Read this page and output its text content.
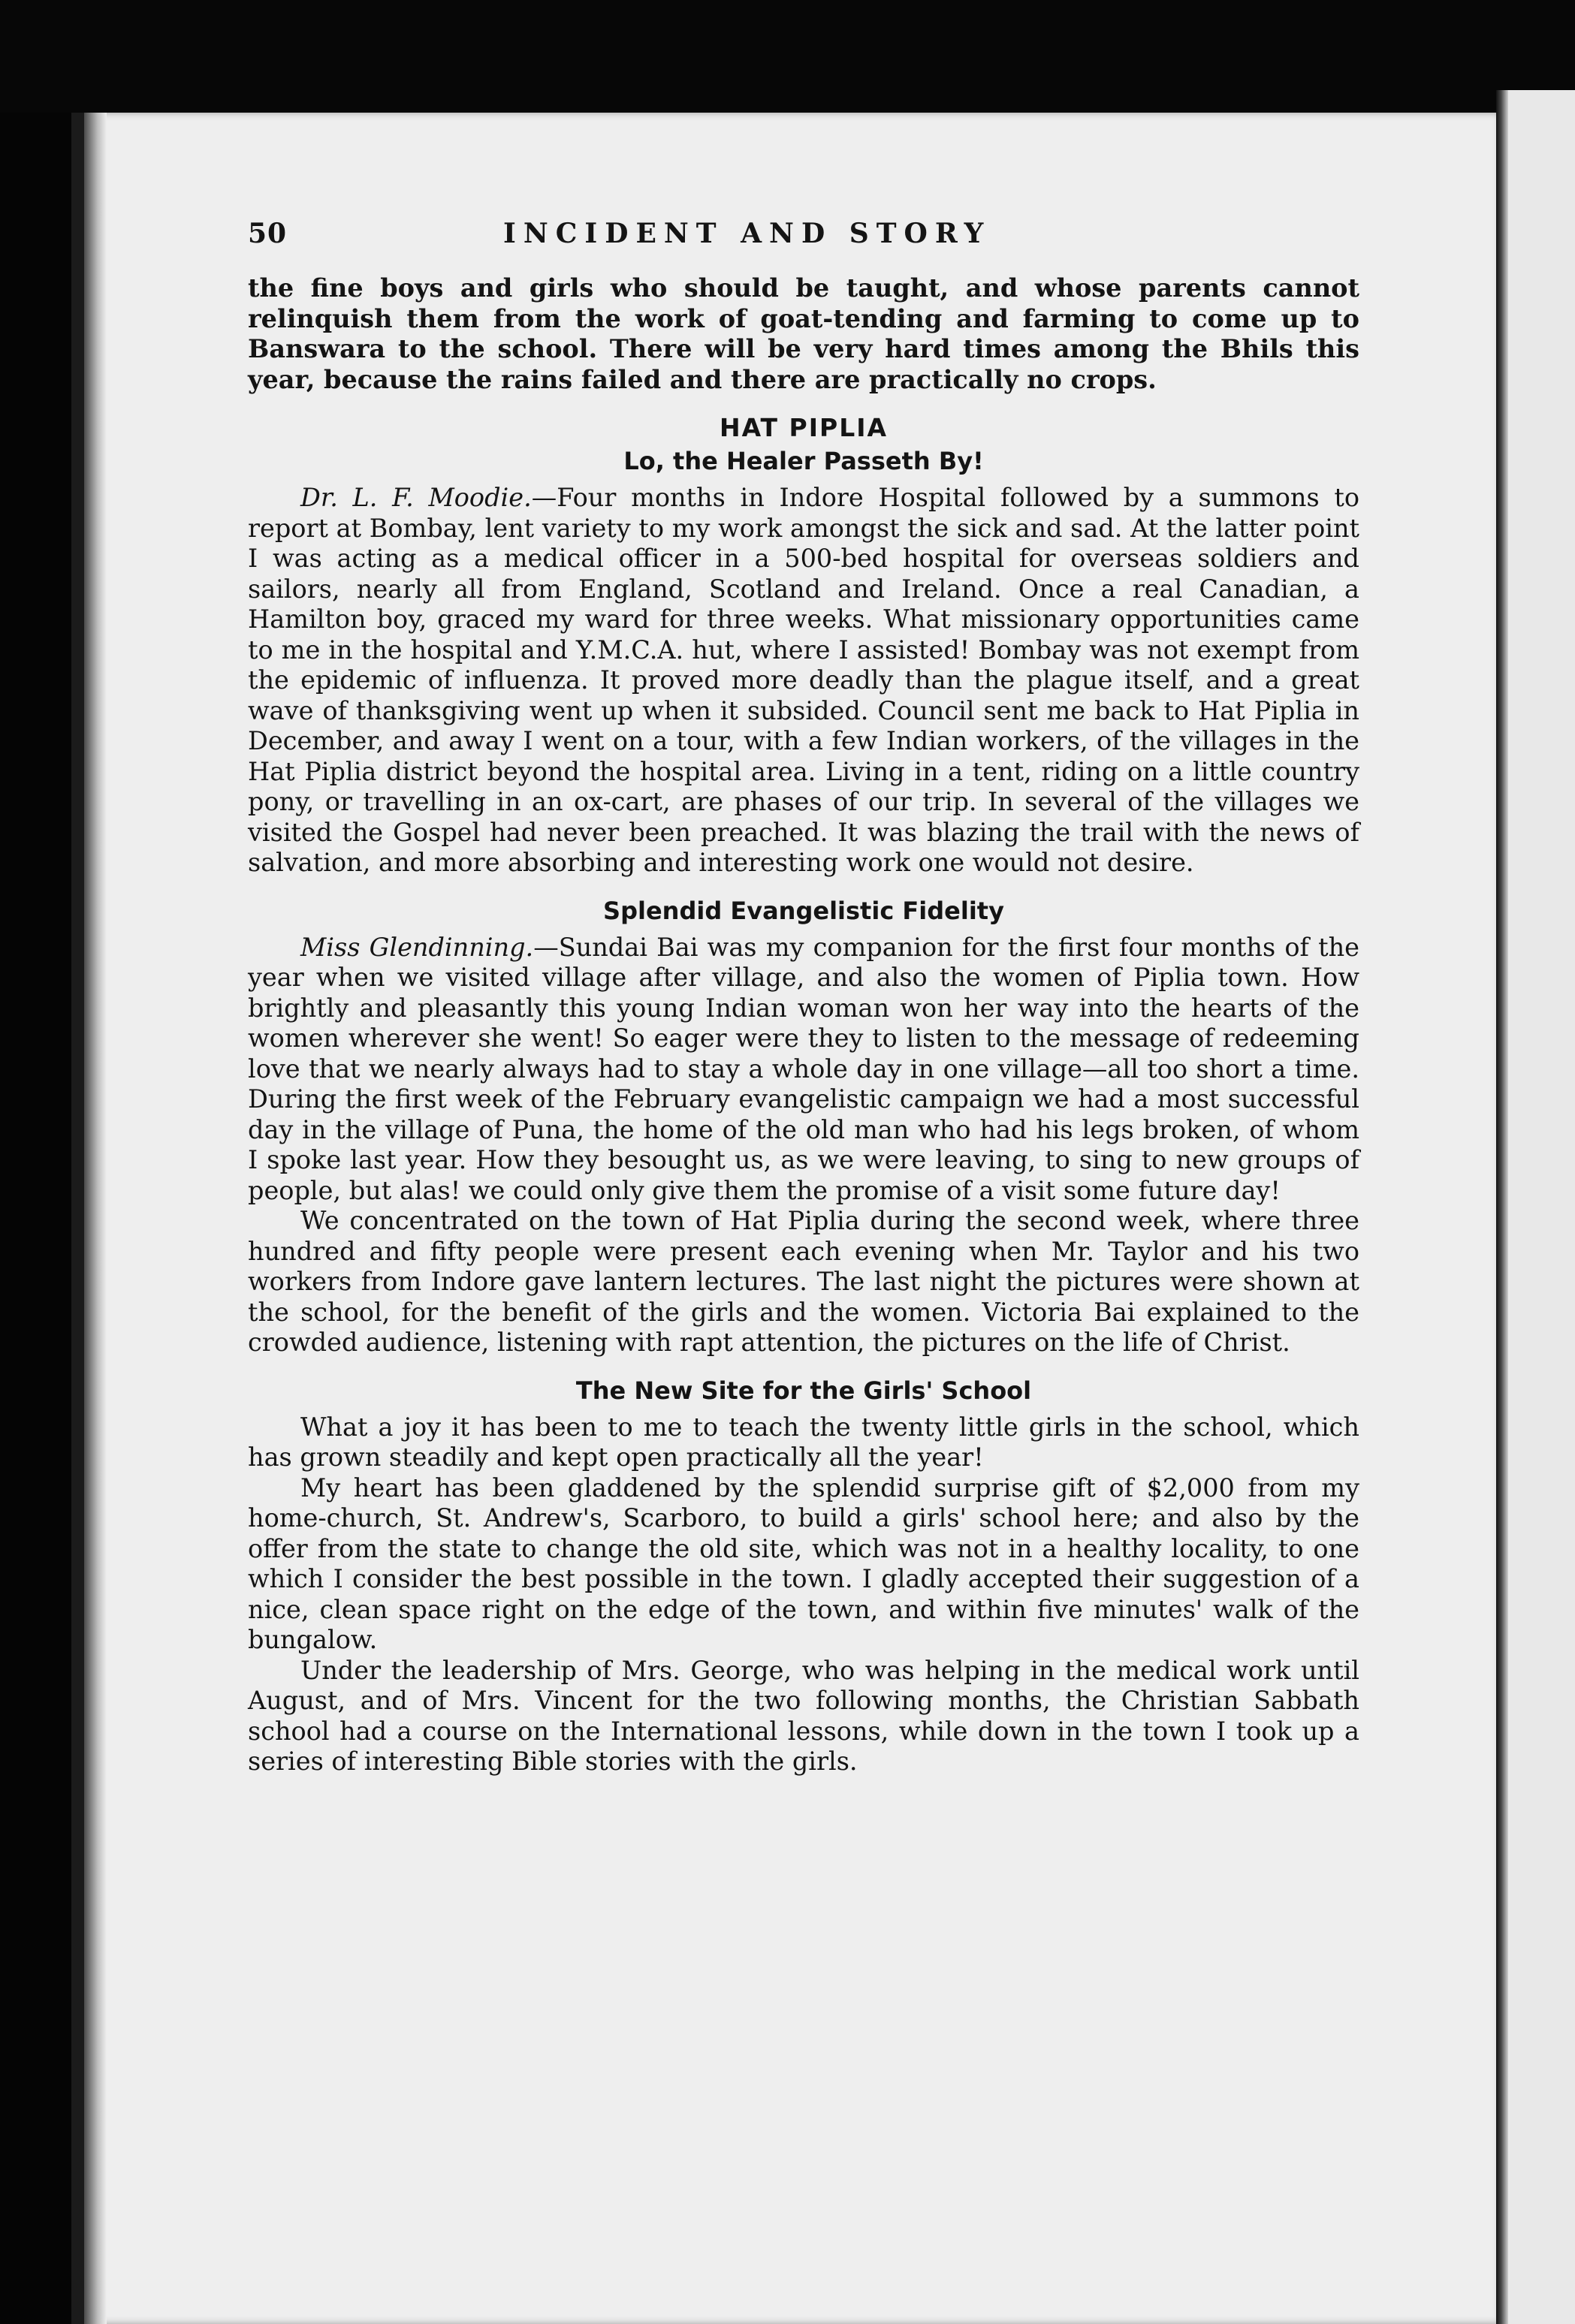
50	INCIDENT AND STORY

the fine boys and girls who should be taught, and whose parents cannot relinquish them from the work of goat-tending and farming to come up to Banswara to the school. There will be very hard times among the Bhils this year, because the rains failed and there are practically no crops.

HAT PIPLIA
Lo, the Healer Passeth By!

Dr. L. F. Moodie.—Four months in Indore Hospital followed by a summons to report at Bombay, lent variety to my work amongst the sick and sad. At the latter point I was acting as a medical officer in a 500-bed hospital for overseas soldiers and sailors, nearly all from England, Scotland and Ireland. Once a real Canadian, a Hamilton boy, graced my ward for three weeks. What missionary opportunities came to me in the hospital and Y.M.C.A. hut, where I assisted! Bombay was not exempt from the epidemic of influenza. It proved more deadly than the plague itself, and a great wave of thanksgiving went up when it subsided. Council sent me back to Hat Piplia in December, and away I went on a tour, with a few Indian workers, of the villages in the Hat Piplia district beyond the hospital area. Living in a tent, riding on a little country pony, or travelling in an ox-cart, are phases of our trip. In several of the villages we visited the Gospel had never been preached. It was blazing the trail with the news of salvation, and more absorbing and interesting work one would not desire.

Splendid Evangelistic Fidelity

Miss Glendinning.—Sundai Bai was my companion for the first four months of the year when we visited village after village, and also the women of Piplia town. How brightly and pleasantly this young Indian woman won her way into the hearts of the women wherever she went! So eager were they to listen to the message of redeeming love that we nearly always had to stay a whole day in one village—all too short a time. During the first week of the February evangelistic campaign we had a most successful day in the village of Puna, the home of the old man who had his legs broken, of whom I spoke last year. How they besought us, as we were leaving, to sing to new groups of people, but alas! we could only give them the promise of a visit some future day!

We concentrated on the town of Hat Piplia during the second week, where three hundred and fifty people were present each evening when Mr. Taylor and his two workers from Indore gave lantern lectures. The last night the pictures were shown at the school, for the benefit of the girls and the women. Victoria Bai explained to the crowded audience, listening with rapt attention, the pictures on the life of Christ.

The New Site for the Girls' School

What a joy it has been to me to teach the twenty little girls in the school, which has grown steadily and kept open practically all the year!

My heart has been gladdened by the splendid surprise gift of $2,000 from my home-church, St. Andrew's, Scarboro, to build a girls' school here; and also by the offer from the state to change the old site, which was not in a healthy locality, to one which I consider the best possible in the town. I gladly accepted their suggestion of a nice, clean space right on the edge of the town, and within five minutes' walk of the bungalow.

Under the leadership of Mrs. George, who was helping in the medical work until August, and of Mrs. Vincent for the two following months, the Christian Sabbath school had a course on the International lessons, while down in the town I took up a series of interesting Bible stories with the girls.
